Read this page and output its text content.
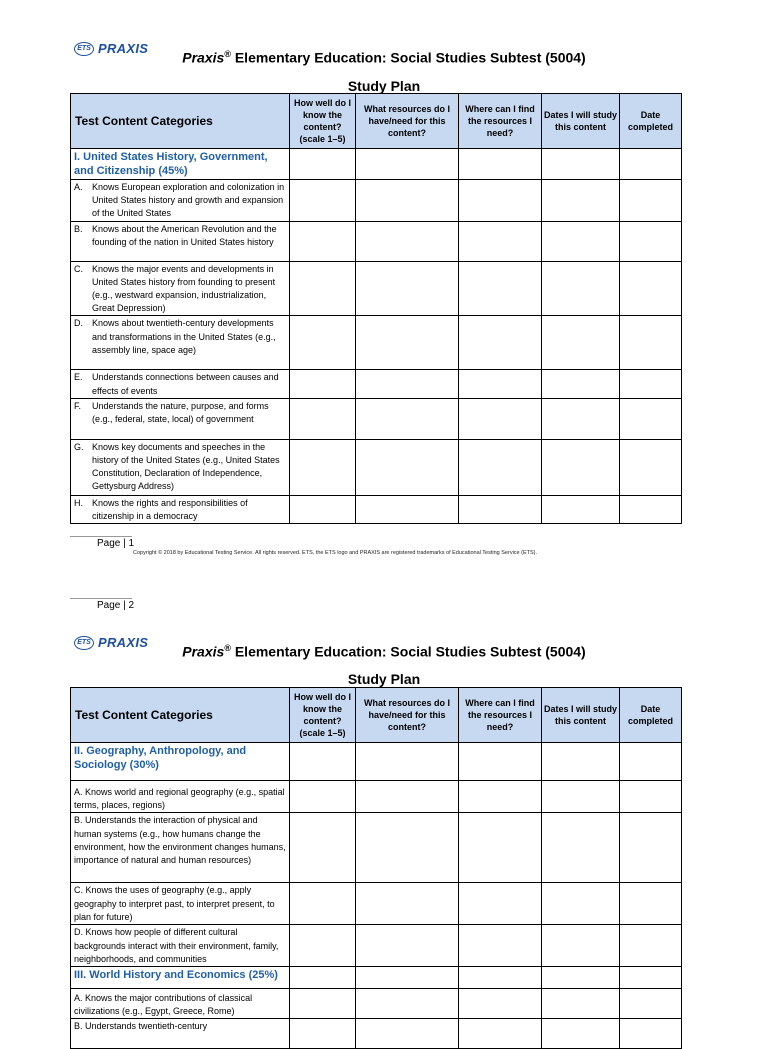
ETS PRAXIS
Praxis® Elementary Education: Social Studies Subtest (5004)
Study Plan
Test Content Categories	How well do I know the content? (scale 1–5)	What resources do I have/need for this content?	Where can I find the resources I need?	Dates I will study this content	Date completed
I. United States History, Government, and Citizenship (45%)					

A. Knows European exploration and colonization in United States history and growth and expansion of the United States					

B. Knows about the American Revolution and the founding of the nation in United States history					

C. Knows the major events and developments in United States history from founding to present (e.g., westward expansion, industrialization, Great Depression)					

D. Knows about twentieth-century developments and transformations in the United States (e.g., assembly line, space age)					

E. Understands connections between causes and effects of events					

F. Understands the nature, purpose, and forms (e.g., federal, state, local) of government					

G. Knows key documents and speeches in the history of the United States (e.g., United States Constitution, Declaration of Independence, Gettysburg Address)					

H. Knows the rights and responsibilities of citizenship in a democracy					

Page | 1
Copyright © 2018 by Educational Testing Service. All rights reserved. ETS, the ETS logo and PRAXIS are registered trademarks of Educational Testing Service (ETS).
Page | 2
ETS PRAXIS
Praxis® Elementary Education: Social Studies Subtest (5004)
Study Plan
Test Content Categories	How well do I know the content? (scale 1–5)	What resources do I have/need for this content?	Where can I find the resources I need?	Dates I will study this content	Date completed
II. Geography, Anthropology, and Sociology (30%)					
A. Knows world and regional geography (e.g., spatial terms, places, regions)					
B. Understands the interaction of physical and human systems (e.g., how humans change the environment, how the environment changes humans, importance of natural and human resources)					
C. Knows the uses of geography (e.g., apply geography to interpret past, to interpret present, to plan for future)					
D. Knows how people of different cultural backgrounds interact with their environment, family, neighborhoods, and communities					
III. World History and Economics (25%)					
A. Knows the major contributions of classical civilizations (e.g., Egypt, Greece, Rome)					
B. Understands twentieth-century					
